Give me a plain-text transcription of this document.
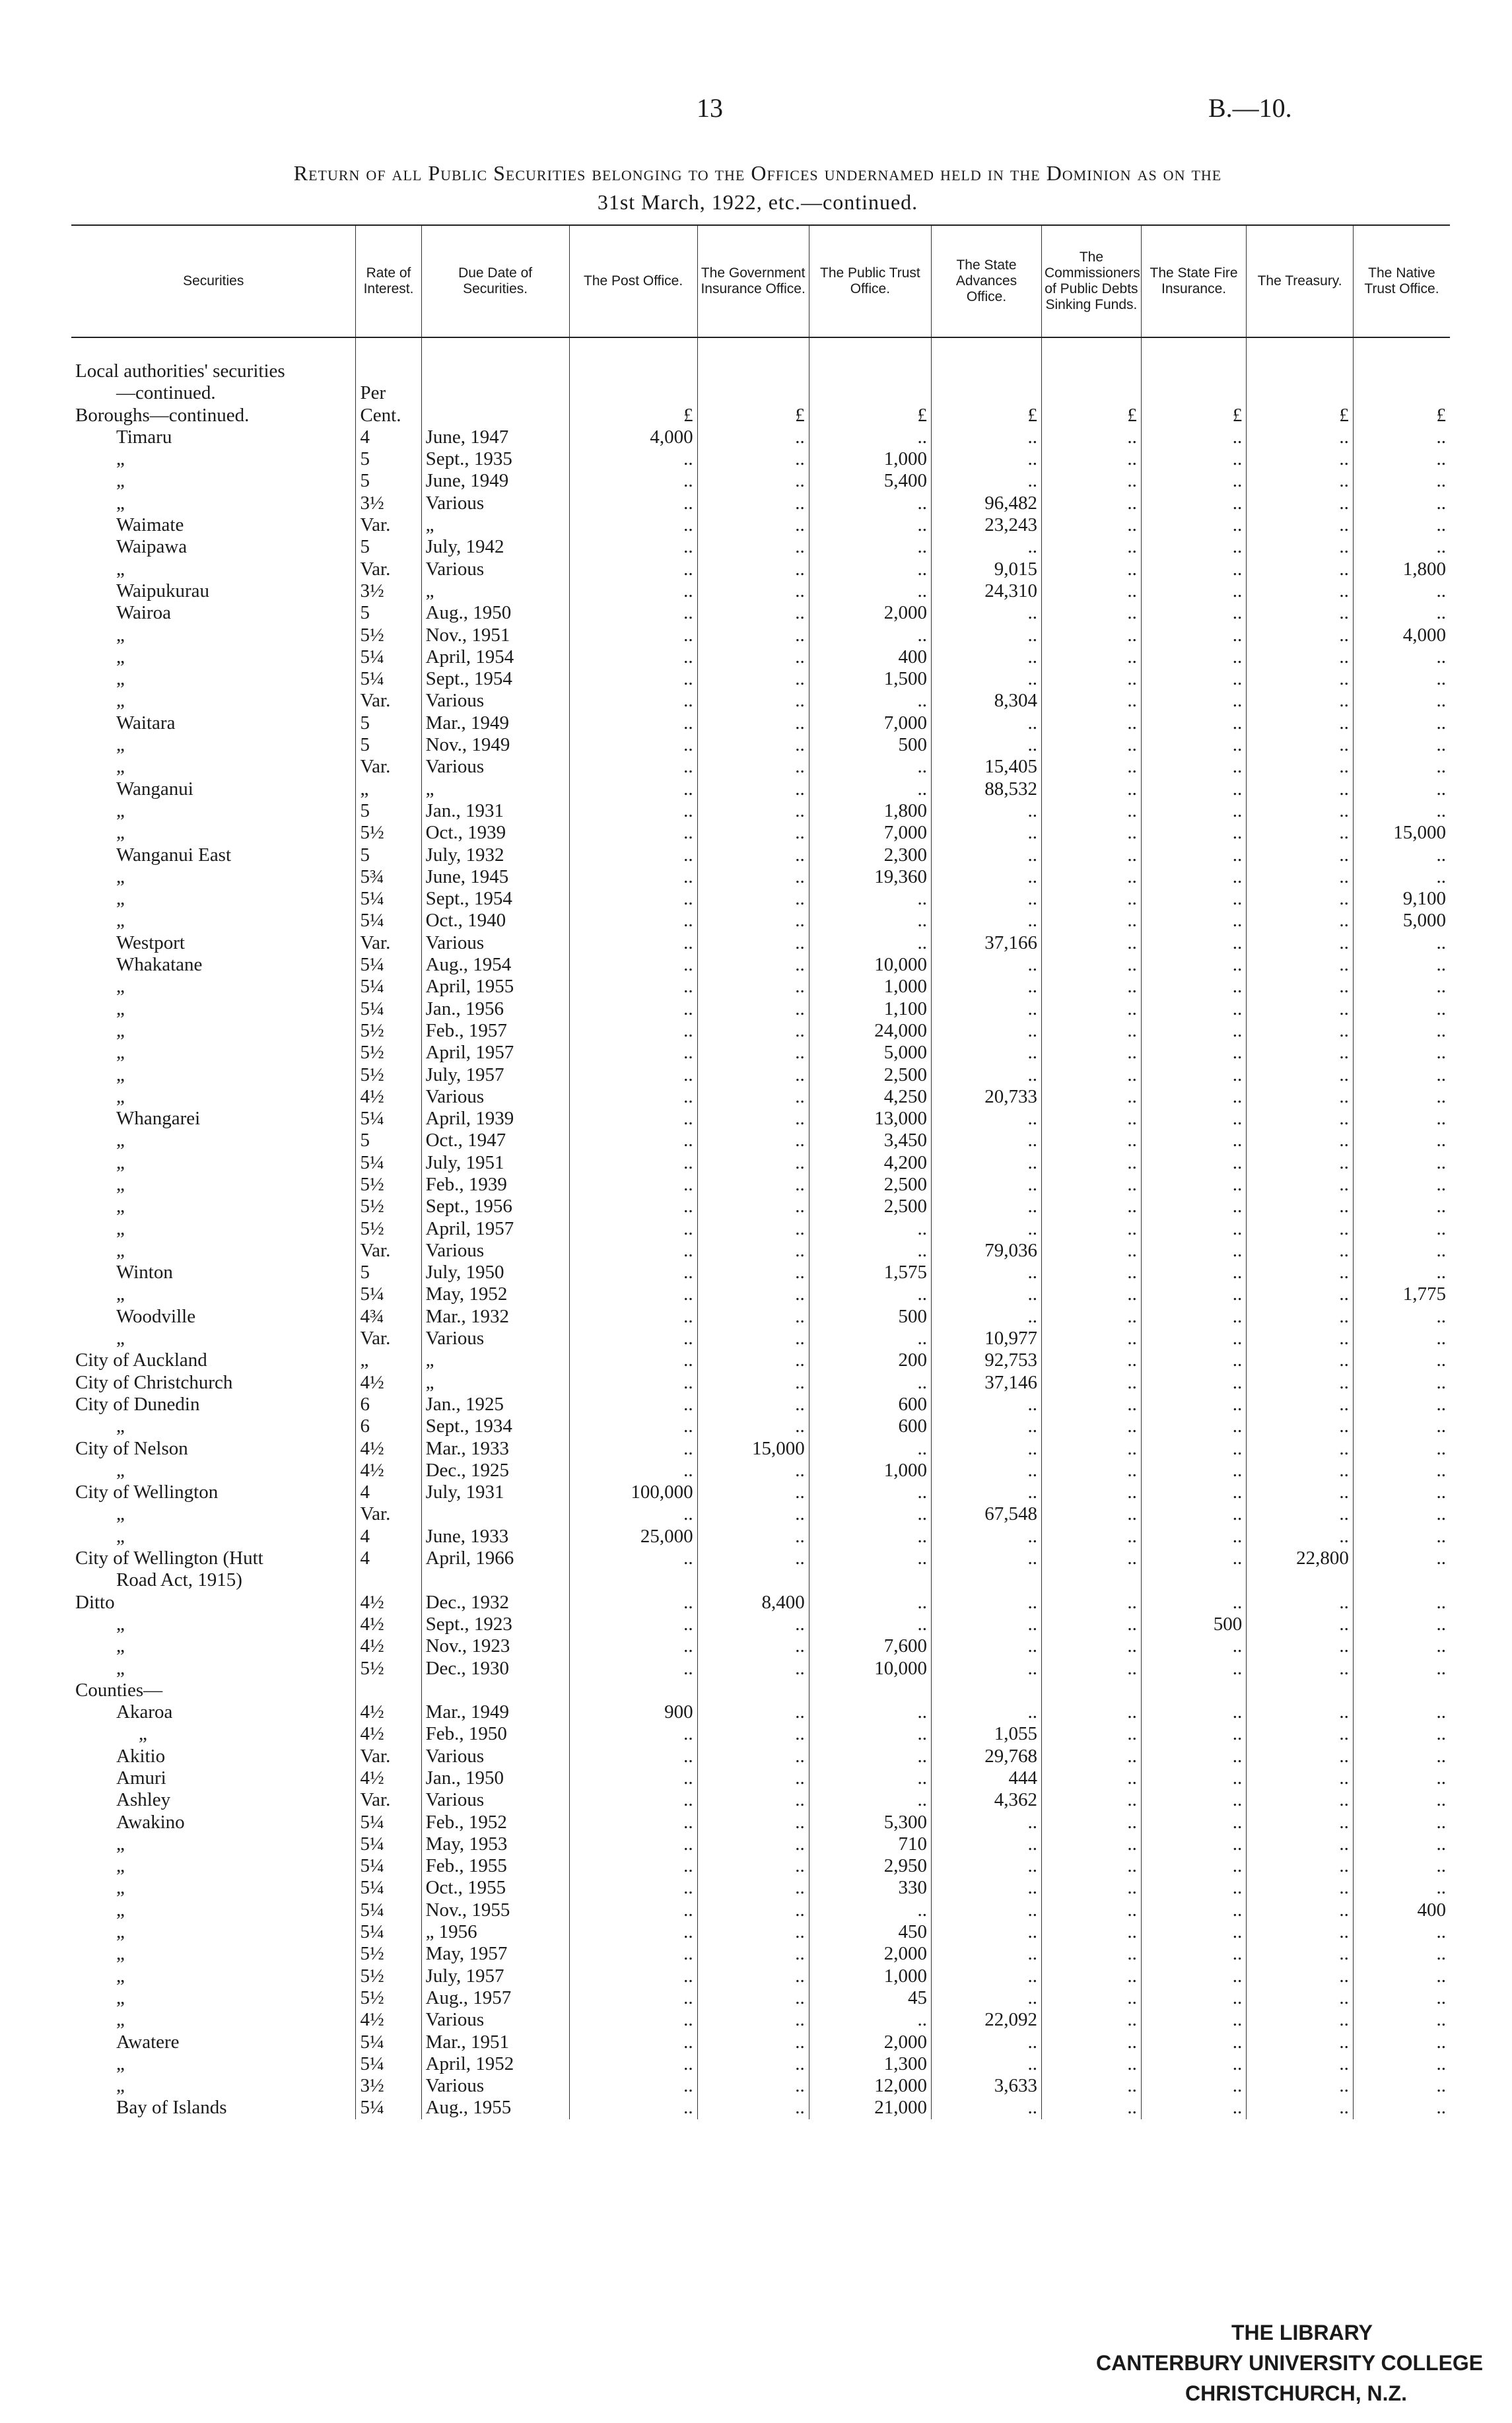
13	B.—10.
Return of all Public Securities belonging to the Offices undernamed held in the Dominion as on the
31st March, 1922, etc.—continued.
Securities	Rate of Interest.	Due Date of Securities.	The Post Office.	The Government Insurance Office.	The Public Trust Office.	The State Advances Office.	The Commissioners of Public Debts Sinking Funds.	The State Fire Insurance.	The Treasury.	The Native Trust Office.

Local authorities' securities										
—continued.	Per									
Boroughs—continued.	Cent.		£	£	£	£	£	£	£	£
Timaru	4	June, 1947	4,000	..	..	..	..	..	..	..
„	5	Sept., 1935	..	..	1,000	..	..	..	..	..
„	5	June, 1949	..	..	5,400	..	..	..	..	..
„	3½	Various	..	..	..	96,482	..	..	..	..
Waimate	Var.	„	..	..	..	23,243	..	..	..	..
Waipawa	5	July, 1942	..	..	..	..	..	..	..	..
„	Var.	Various	..	..	..	9,015	..	..	..	1,800
Waipukurau	3½	„	..	..	..	24,310	..	..	..	..
Wairoa	5	Aug., 1950	..	..	2,000	..	..	..	..	..
„	5½	Nov., 1951	..	..	..	..	..	..	..	4,000
„	5¼	April, 1954	..	..	400	..	..	..	..	..
„	5¼	Sept., 1954	..	..	1,500	..	..	..	..	..
„	Var.	Various	..	..	..	8,304	..	..	..	..
Waitara	5	Mar., 1949	..	..	7,000	..	..	..	..	..
„	5	Nov., 1949	..	..	500	..	..	..	..	..
„	Var.	Various	..	..	..	15,405	..	..	..	..
Wanganui	„	„	..	..	..	88,532	..	..	..	..
„	5	Jan., 1931	..	..	1,800	..	..	..	..	..
„	5½	Oct., 1939	..	..	7,000	..	..	..	..	15,000
Wanganui East	5	July, 1932	..	..	2,300	..	..	..	..	..
„	5¾	June, 1945	..	..	19,360	..	..	..	..	..
„	5¼	Sept., 1954	..	..	..	..	..	..	..	9,100
„	5¼	Oct., 1940	..	..	..	..	..	..	..	5,000
Westport	Var.	Various	..	..	..	37,166	..	..	..	..
Whakatane	5¼	Aug., 1954	..	..	10,000	..	..	..	..	..
„	5¼	April, 1955	..	..	1,000	..	..	..	..	..
„	5¼	Jan., 1956	..	..	1,100	..	..	..	..	..
„	5½	Feb., 1957	..	..	24,000	..	..	..	..	..
„	5½	April, 1957	..	..	5,000	..	..	..	..	..
„	5½	July, 1957	..	..	2,500	..	..	..	..	..
„	4½	Various	..	..	4,250	20,733	..	..	..	..
Whangarei	5¼	April, 1939	..	..	13,000	..	..	..	..	..
„	5	Oct., 1947	..	..	3,450	..	..	..	..	..
„	5¼	July, 1951	..	..	4,200	..	..	..	..	..
„	5½	Feb., 1939	..	..	2,500	..	..	..	..	..
„	5½	Sept., 1956	..	..	2,500	..	..	..	..	..
„	5½	April, 1957	..	..	..	..	..	..	..	..
„	Var.	Various	..	..	..	79,036	..	..	..	..
Winton	5	July, 1950	..	..	1,575	..	..	..	..	..
„	5¼	May, 1952	..	..	..	..	..	..	..	1,775
Woodville	4¾	Mar., 1932	..	..	500	..	..	..	..	..
„	Var.	Various	..	..	..	10,977	..	..	..	..
City of Auckland	„	„	..	..	200	92,753	..	..	..	..
City of Christchurch	4½	„	..	..	..	37,146	..	..	..	..
City of Dunedin	6	Jan., 1925	..	..	600	..	..	..	..	..
„	6	Sept., 1934	..	..	600	..	..	..	..	..
City of Nelson	4½	Mar., 1933	..	15,000	..	..	..	..	..	..
„	4½	Dec., 1925	..	..	1,000	..	..	..	..	..
City of Wellington	4	July, 1931	100,000	..	..	..	..	..	..	..
„	Var.		..	..	..	67,548	..	..	..	..
„	4	June, 1933	25,000	..	..	..	..	..	..	..
City of Wellington (Hutt	4	April, 1966	..	..	..	..	..	..	22,800	..
Road Act, 1915)										
Ditto	4½	Dec., 1932	..	8,400	..	..	..	..	..	..
„	4½	Sept., 1923	..	..	..	..	..	500	..	..
„	4½	Nov., 1923	..	..	7,600	..	..	..	..	..
„	5½	Dec., 1930	..	..	10,000	..	..	..	..	..
Counties—										
Akaroa	4½	Mar., 1949	900	..	..	..	..	..	..	..
„	4½	Feb., 1950	..	..	..	1,055	..	..	..	..
Akitio	Var.	Various	..	..	..	29,768	..	..	..	..
Amuri	4½	Jan., 1950	..	..	..	444	..	..	..	..
Ashley	Var.	Various	..	..	..	4,362	..	..	..	..
Awakino	5¼	Feb., 1952	..	..	5,300	..	..	..	..	..
„	5¼	May, 1953	..	..	710	..	..	..	..	..
„	5¼	Feb., 1955	..	..	2,950	..	..	..	..	..
„	5¼	Oct., 1955	..	..	330	..	..	..	..	..
„	5¼	Nov., 1955	..	..	..	..	..	..	..	400
„	5¼	„ 1956	..	..	450	..	..	..	..	..
„	5½	May, 1957	..	..	2,000	..	..	..	..	..
„	5½	July, 1957	..	..	1,000	..	..	..	..	..
„	5½	Aug., 1957	..	..	45	..	..	..	..	..
„	4½	Various	..	..	..	22,092	..	..	..	..
Awatere	5¼	Mar., 1951	..	..	2,000	..	..	..	..	..
„	5¼	April, 1952	..	..	1,300	..	..	..	..	..
„	3½	Various	..	..	12,000	3,633	..	..	..	..
Bay of Islands	5¼	Aug., 1955	..	..	21,000	..	..	..	..	..
THE LIBRARY
CANTERBURY UNIVERSITY COLLEGE
CHRISTCHURCH, N.Z.
